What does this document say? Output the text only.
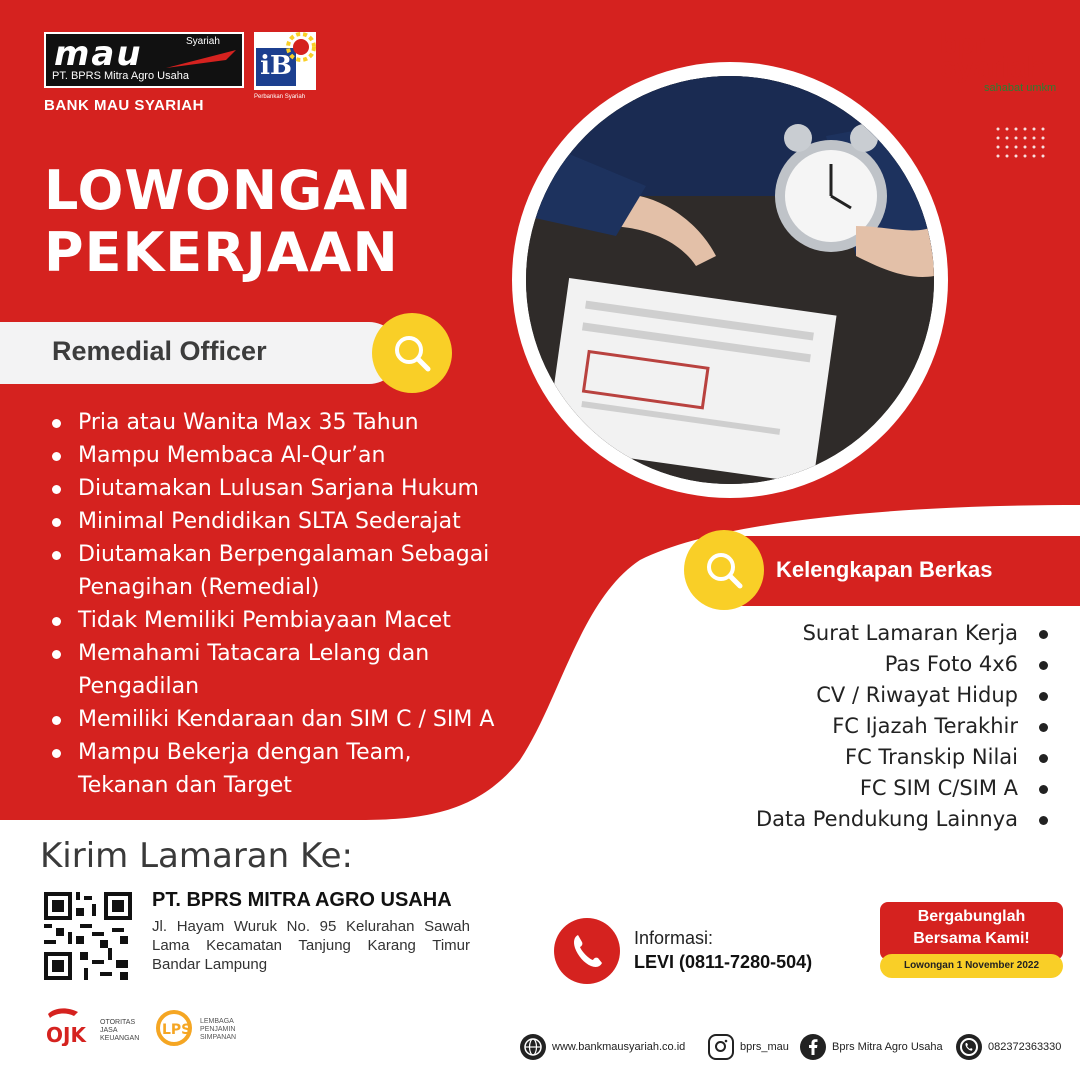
mau	Syariah
PT. BPRS Mitra Agro Usaha
BANK MAU SYARIAH
iB
Perbankan Syariah
bpr
syariah
sahabat umkm
LOWONGAN
PEKERJAAN
Remedial Officer
Pria atau Wanita Max 35 Tahun
Mampu Membaca Al-Qur’an
Diutamakan Lulusan Sarjana Hukum
Minimal Pendidikan SLTA Sederajat
Diutamakan Berpengalaman Sebagai Penagihan (Remedial)
Tidak Memiliki Pembiayaan Macet
Memahami Tatacara Lelang dan Pengadilan
Memiliki Kendaraan dan SIM C / SIM A
Mampu Bekerja dengan Team, Tekanan dan Target
Kelengkapan Berkas
Surat Lamaran Kerja
Pas Foto 4x6
CV / Riwayat Hidup
FC Ijazah Terakhir
FC Transkip Nilai
FC SIM C/SIM A
Data Pendukung Lainnya
Kirim Lamaran Ke:
PT. BPRS MITRA AGRO USAHA
Jl. Hayam Wuruk No. 95 Kelurahan Sawah Lama Kecamatan Tanjung Karang Timur Bandar Lampung
Informasi:
LEVI (0811-7280-504)
Bergabunglah
Bersama Kami!
Lowongan 1 November 2022
OJK
OTORITAS JASA KEUANGAN
LPS
LEMBAGA PENJAMIN SIMPANAN
www.bankmausyariah.co.id	bprs_mau	Bprs Mitra Agro Usaha	082372363330
